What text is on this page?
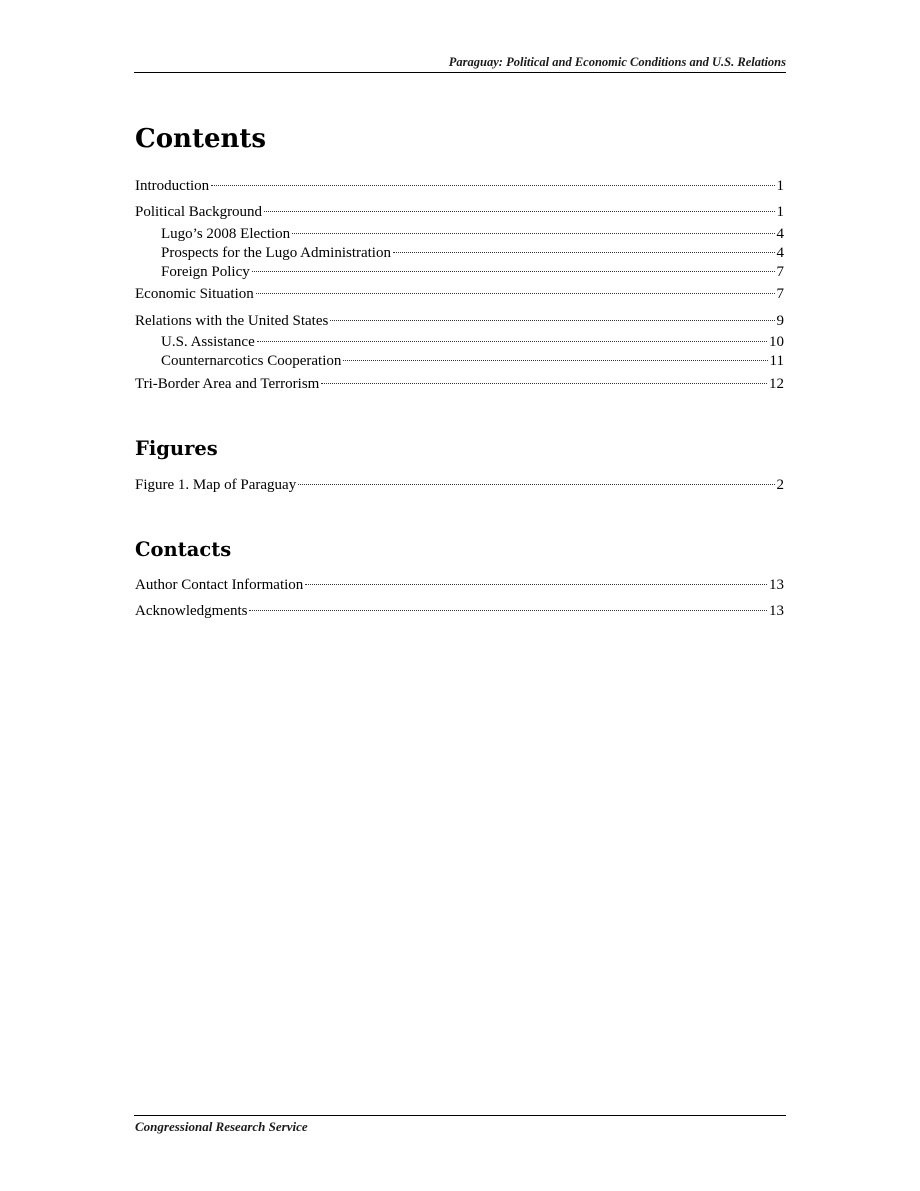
Paraguay: Political and Economic Conditions and U.S. Relations
Contents
Introduction	1
Political Background	1
Lugo’s 2008 Election	4
Prospects for the Lugo Administration	4
Foreign Policy	7
Economic Situation	7
Relations with the United States	9
U.S. Assistance	10
Counternarcotics Cooperation	11
Tri-Border Area and Terrorism	12
Figures
Figure 1. Map of Paraguay	2
Contacts
Author Contact Information	13
Acknowledgments	13
Congressional Research Service
